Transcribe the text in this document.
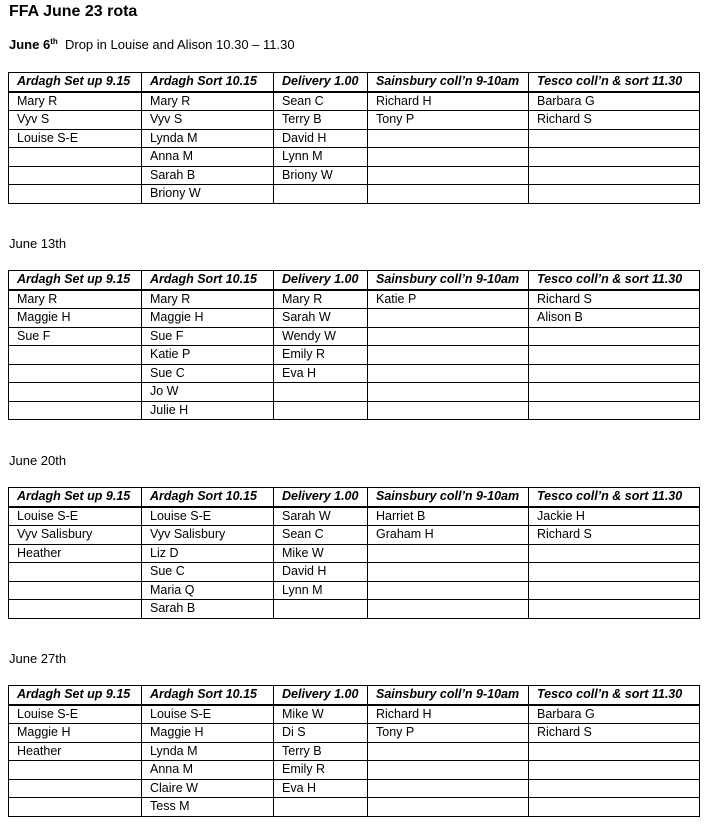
FFA June 23 rota
June 6th Drop in Louise and Alison 10.30 – 11.30
Ardagh Set up 9.15	Ardagh Sort 10.15	Delivery 1.00	Sainsbury coll’n 9-10am	Tesco coll’n & sort 11.30
Mary R	Mary R	Sean C	Richard H	Barbara G
Vyv S	Vyv S	Terry B	Tony P	Richard S
Louise S-E	Lynda M	David H		
	Anna M	Lynn M		
	Sarah B	Briony W		
	Briony W			
June 13th
Ardagh Set up 9.15	Ardagh Sort 10.15	Delivery 1.00	Sainsbury coll’n 9-10am	Tesco coll’n & sort 11.30
Mary R	Mary R	Mary R	Katie P	Richard S
Maggie H	Maggie H	Sarah W		Alison B
Sue F	Sue F	Wendy W		
	Katie P	Emily R		
	Sue C	Eva H		
	Jo W			
	Julie H			
June 20th
Ardagh Set up 9.15	Ardagh Sort 10.15	Delivery 1.00	Sainsbury coll’n 9-10am	Tesco coll’n & sort 11.30
Louise S-E	Louise S-E	Sarah W	Harriet B	Jackie H
Vyv Salisbury	Vyv Salisbury	Sean C	Graham H	Richard S
Heather	Liz D	Mike W		
	Sue C	David H		
	Maria Q	Lynn M		
	Sarah B			
June 27th
Ardagh Set up 9.15	Ardagh Sort 10.15	Delivery 1.00	Sainsbury coll’n 9-10am	Tesco coll’n & sort 11.30
Louise S-E	Louise S-E	Mike W	Richard H	Barbara G
Maggie H	Maggie H	Di S	Tony P	Richard S
Heather	Lynda M	Terry B		
	Anna M	Emily R		
	Claire W	Eva H		
	Tess M			
